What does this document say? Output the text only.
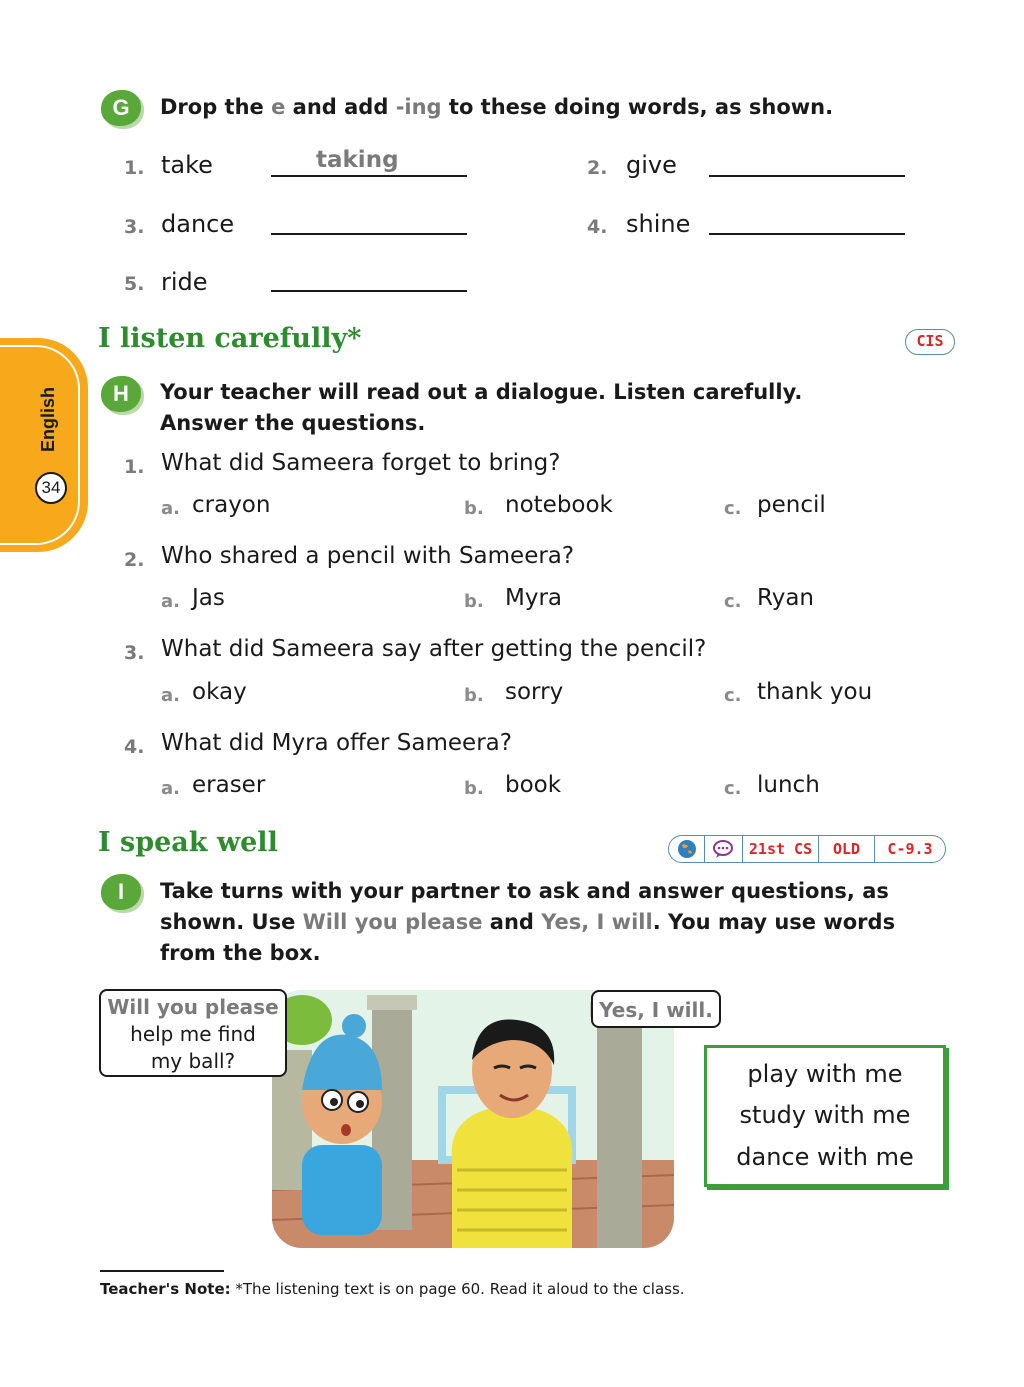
English
34
G	Drop the e and add -ing to these doing words, as shown.
1. take	taking	2. give
3. dance	4. shine
5. ride
I listen carefully*	CIS
H	Your teacher will read out a dialogue. Listen carefully.
Answer the questions.
1. What did Sameera forget to bring?
a. crayon	b. notebook	c. pencil
2. Who shared a pencil with Sameera?
a. Jas	b. Myra	c. Ryan
3. What did Sameera say after getting the pencil?
a. okay	b. sorry	c. thank you
4. What did Myra offer Sameera?
a. eraser	b. book	c. lunch
I speak well	21st CS	OLD	C-9.3
I	Take turns with your partner to ask and answer questions, as
shown. Use Will you please and Yes, I will. You may use words
from the box.
Will you please
help me find
my ball?
Yes, I will.
play with me
study with me
dance with me
Teacher's Note: *The listening text is on page 60. Read it aloud to the class.
